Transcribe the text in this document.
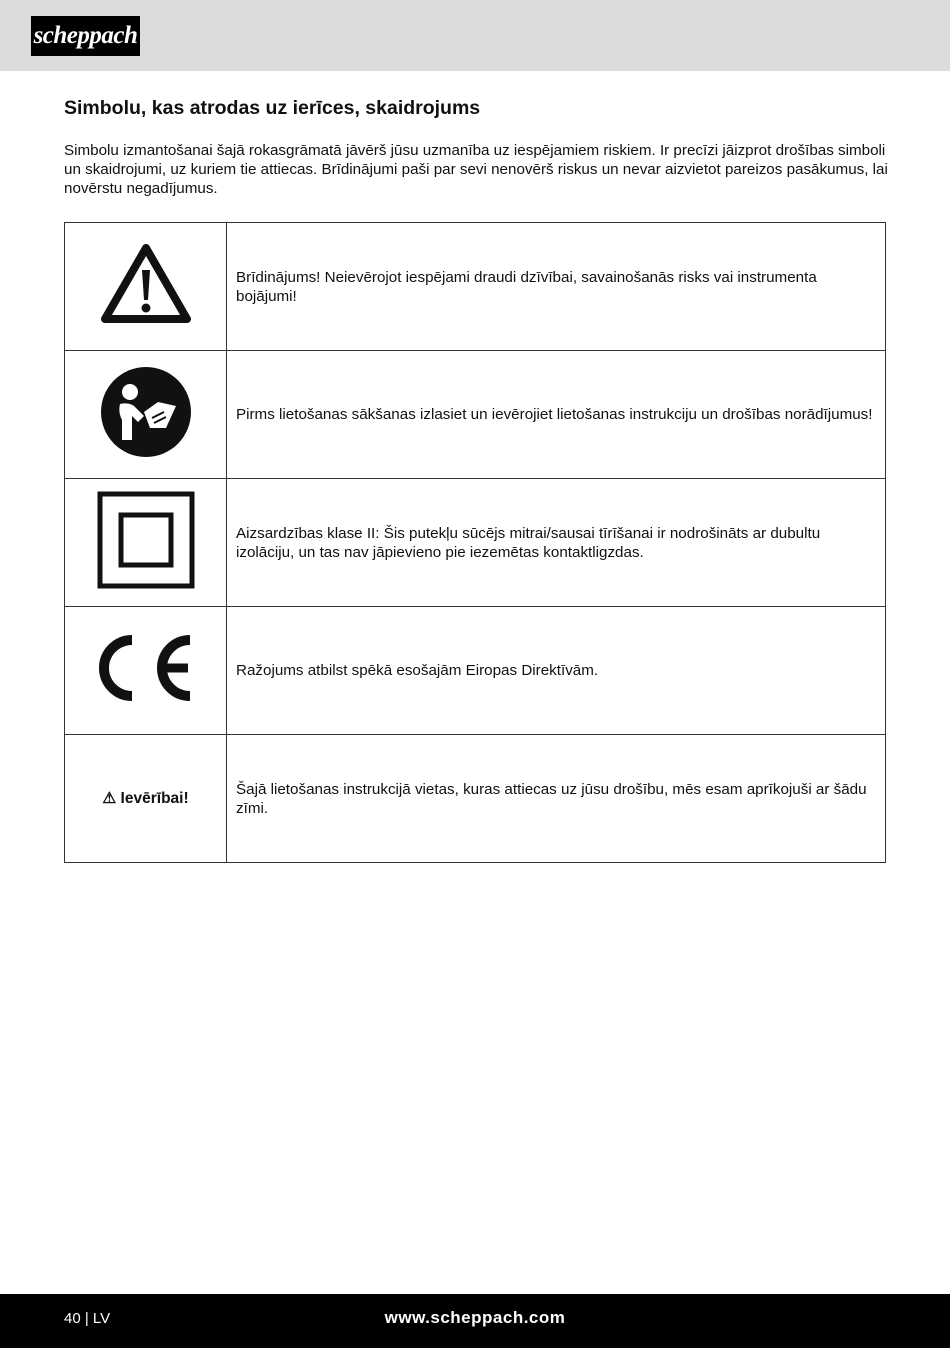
scheppach
Simbolu, kas atrodas uz ierīces, skaidrojums

Simbolu izmantošanai šajā rokasgrāmatā jāvērš jūsu uzmanība uz iespējamiem riskiem. Ir precīzi jāizprot drošības simboli un skaidrojumi, uz kuriem tie attiecas. Brīdinājumi paši par sevi nenovērš riskus un nevar aizvietot pareizos pasākumus, lai novērstu negadījumus.

	Brīdinājums! Neievērojot iespējami draudi dzīvībai, savainošanās risks vai instrumenta bojājumi!
	Pirms lietošanas sākšanas izlasiet un ievērojiet lietošanas instrukciju un drošības norādījumus!
	Aizsardzības klase II: Šis putekļu sūcējs mitrai/sausai tīrīšanai ir nodrošināts ar dubultu izolāciju, un tas nav jāpievieno pie iezemētas kontaktligzdas.
	Ražojums atbilst spēkā esošajām Eiropas Direktīvām.
⚠ Ievērībai!	Šajā lietošanas instrukcijā vietas, kuras attiecas uz jūsu drošību, mēs esam aprīkojuši ar šādu zīmi.
40 | LV	www.scheppach.com
